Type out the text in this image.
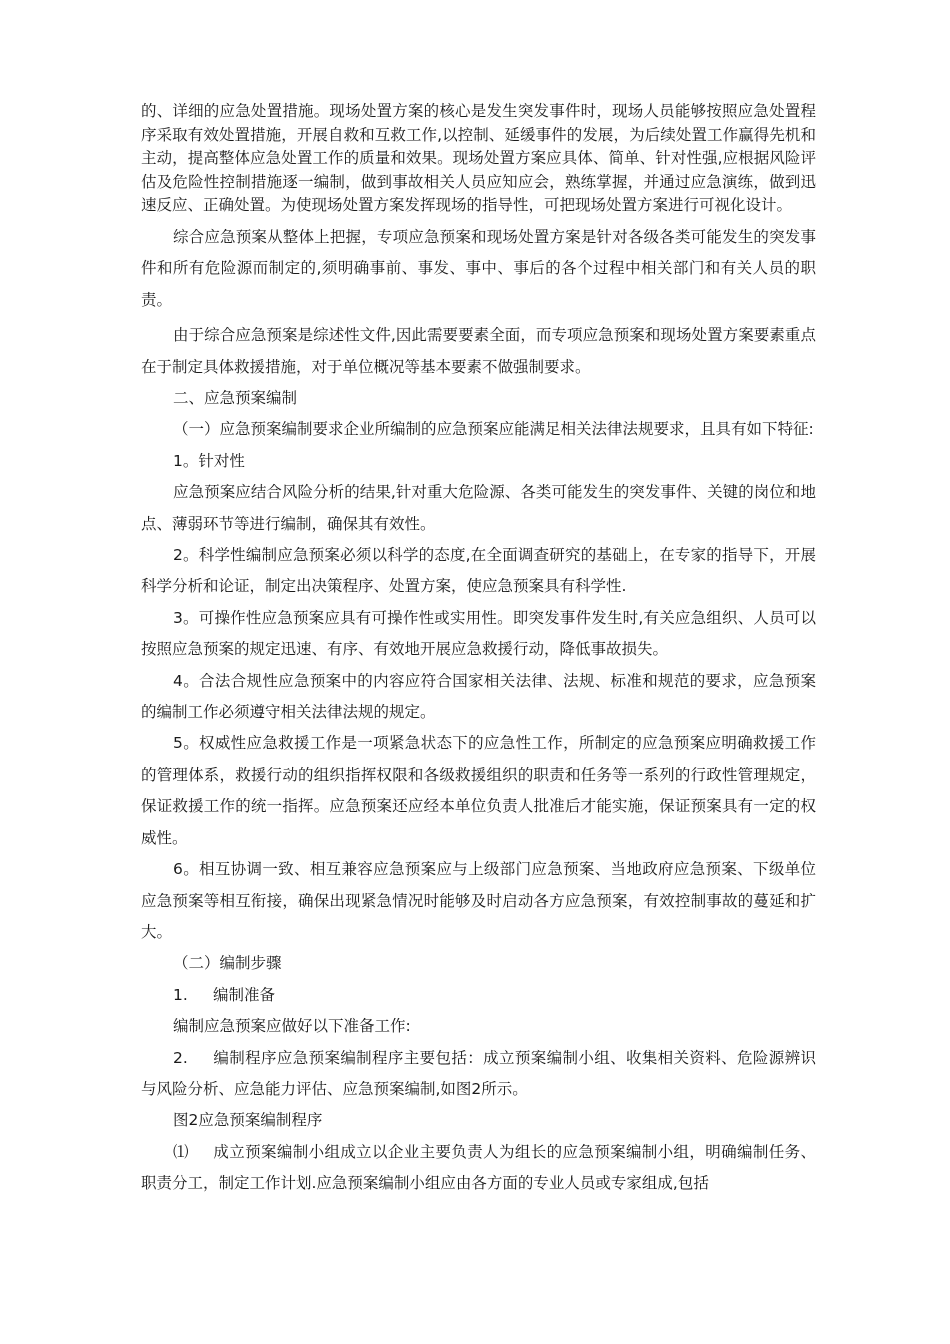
的、详细的应急处置措施。现场处置方案的核心是发生突发事件时，现场人员能够按照应急处置程序采取有效处置措施，开展自救和互救工作,以控制、延缓事件的发展，为后续处置工作赢得先机和主动，提高整体应急处置工作的质量和效果。现场处置方案应具体、简单、针对性强,应根据风险评估及危险性控制措施逐一编制，做到事故相关人员应知应会，熟练掌握，并通过应急演练，做到迅速反应、正确处置。为使现场处置方案发挥现场的指导性，可把现场处置方案进行可视化设计。

综合应急预案从整体上把握，专项应急预案和现场处置方案是针对各级各类可能发生的突发事件和所有危险源而制定的,须明确事前、事发、事中、事后的各个过程中相关部门和有关人员的职责。

由于综合应急预案是综述性文件,因此需要要素全面，而专项应急预案和现场处置方案要素重点在于制定具体救援措施，对于单位概况等基本要素不做强制要求。

二、应急预案编制

（一）应急预案编制要求企业所编制的应急预案应能满足相关法律法规要求，且具有如下特征:

1。针对性

应急预案应结合风险分析的结果,针对重大危险源、各类可能发生的突发事件、关键的岗位和地点、薄弱环节等进行编制，确保其有效性。

2。科学性编制应急预案必须以科学的态度,在全面调查研究的基础上，在专家的指导下，开展科学分析和论证，制定出决策程序、处置方案，使应急预案具有科学性.

3。可操作性应急预案应具有可操作性或实用性。即突发事件发生时,有关应急组织、人员可以按照应急预案的规定迅速、有序、有效地开展应急救援行动，降低事故损失。

4。合法合规性应急预案中的内容应符合国家相关法律、法规、标准和规范的要求，应急预案的编制工作必须遵守相关法律法规的规定。

5。权威性应急救援工作是一项紧急状态下的应急性工作，所制定的应急预案应明确救援工作的管理体系，救援行动的组织指挥权限和各级救援组织的职责和任务等一系列的行政性管理规定，保证救援工作的统一指挥。应急预案还应经本单位负责人批准后才能实施，保证预案具有一定的权威性。

6。相互协调一致、相互兼容应急预案应与上级部门应急预案、当地政府应急预案、下级单位应急预案等相互衔接，确保出现紧急情况时能够及时启动各方应急预案，有效控制事故的蔓延和扩大。

（二）编制步骤

1. 编制准备

编制应急预案应做好以下准备工作:

2. 编制程序应急预案编制程序主要包括：成立预案编制小组、收集相关资料、危险源辨识与风险分析、应急能力评估、应急预案编制,如图2所示。

图2应急预案编制程序

⑴ 成立预案编制小组成立以企业主要负责人为组长的应急预案编制小组，明确编制任务、职责分工，制定工作计划.应急预案编制小组应由各方面的专业人员或专家组成,包括
